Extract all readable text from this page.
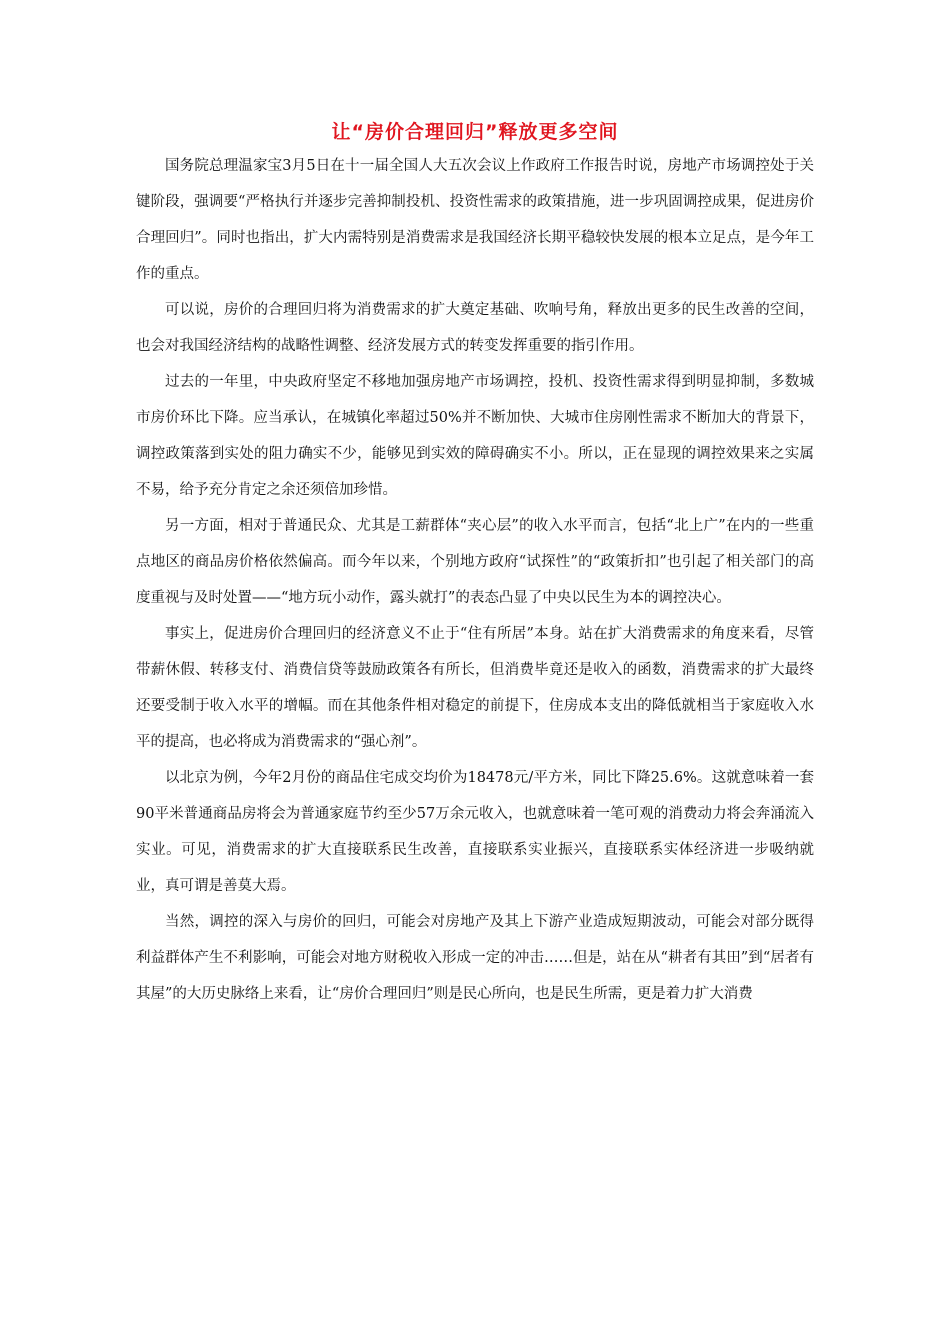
让“房价合理回归”释放更多空间

国务院总理温家宝3月5日在十一届全国人大五次会议上作政府工作报告时说，房地产市场调控处于关键阶段，强调要“严格执行并逐步完善抑制投机、投资性需求的政策措施，进一步巩固调控成果，促进房价合理回归”。同时也指出，扩大内需特别是消费需求是我国经济长期平稳较快发展的根本立足点，是今年工作的重点。

可以说，房价的合理回归将为消费需求的扩大奠定基础、吹响号角，释放出更多的民生改善的空间，也会对我国经济结构的战略性调整、经济发展方式的转变发挥重要的指引作用。

过去的一年里，中央政府坚定不移地加强房地产市场调控，投机、投资性需求得到明显抑制，多数城市房价环比下降。应当承认，在城镇化率超过50%并不断加快、大城市住房刚性需求不断加大的背景下，调控政策落到实处的阻力确实不少，能够见到实效的障碍确实不小。所以，正在显现的调控效果来之实属不易，给予充分肯定之余还须倍加珍惜。

另一方面，相对于普通民众、尤其是工薪群体“夹心层”的收入水平而言，包括“北上广”在内的一些重点地区的商品房价格依然偏高。而今年以来，个别地方政府“试探性”的“政策折扣”也引起了相关部门的高度重视与及时处置——“地方玩小动作，露头就打”的表态凸显了中央以民生为本的调控决心。

事实上，促进房价合理回归的经济意义不止于“住有所居”本身。站在扩大消费需求的角度来看，尽管带薪休假、转移支付、消费信贷等鼓励政策各有所长，但消费毕竟还是收入的函数，消费需求的扩大最终还要受制于收入水平的增幅。而在其他条件相对稳定的前提下，住房成本支出的降低就相当于家庭收入水平的提高，也必将成为消费需求的“强心剂”。

以北京为例，今年2月份的商品住宅成交均价为18478元/平方米，同比下降25.6%。这就意味着一套90平米普通商品房将会为普通家庭节约至少57万余元收入，也就意味着一笔可观的消费动力将会奔涌流入实业。可见，消费需求的扩大直接联系民生改善，直接联系实业振兴，直接联系实体经济进一步吸纳就业，真可谓是善莫大焉。

当然，调控的深入与房价的回归，可能会对房地产及其上下游产业造成短期波动，可能会对部分既得利益群体产生不利影响，可能会对地方财税收入形成一定的冲击……但是，站在从“耕者有其田”到“居者有其屋”的大历史脉络上来看，让“房价合理回归”则是民心所向，也是民生所需，更是着力扩大消费
